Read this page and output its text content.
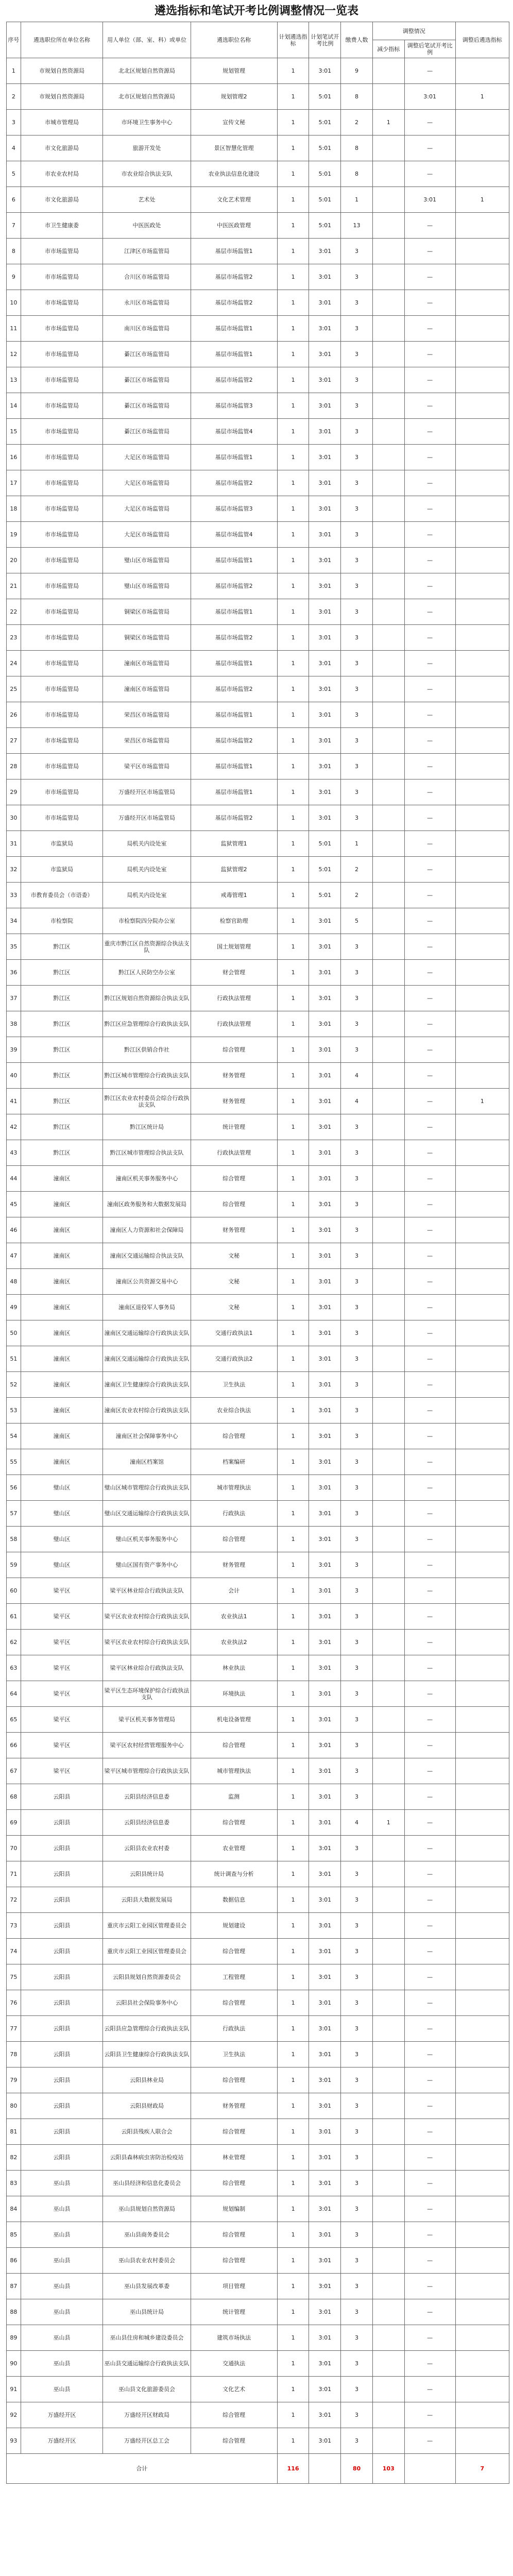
遴选指标和笔试开考比例调整情况一览表
序号	遴选职位所在单位名称	用人单位（部、室、科）或单位	遴选职位名称	计划遴选指标	计划笔试开考比例	缴费人数	调整情况		调整后遴选指标
							减少指标	调整后笔试开考比例	
1	市规划自然资源局	北北区规划自然资源局	规划管理	1	3:01	9		—	
2	市规划自然资源局	北市区规划自然资源局	规划管理2	1	5:01	8		3:01	1
3	市城市管理局	市环境卫生事务中心	宣传文秘	1	5:01	2	1	—	
4	市文化旅游局	旅游开发处	景区智慧化管理	1	5:01	8		—	
5	市农业农村局	市农业综合执法支队	农业执法信息化建设	1	5:01	8		—	
6	市文化旅游局	艺术处	文化艺术管理	1	5:01	1		3:01	1
7	市卫生健康委	中医医政处	中医医政管理	1	5:01	13		—	
8	市市场监管局	江津区市场监管局	基层市场监管1	1	3:01	3		—	
9	市市场监管局	合川区市场监管局	基层市场监管2	1	3:01	3		—	
10	市市场监管局	永川区市场监管局	基层市场监管2	1	3:01	3		—	
11	市市场监管局	南川区市场监管局	基层市场监管1	1	3:01	3		—	
12	市市场监管局	綦江区市场监管局	基层市场监管1	1	3:01	3		—	
13	市市场监管局	綦江区市场监管局	基层市场监管2	1	3:01	3		—	
14	市市场监管局	綦江区市场监管局	基层市场监管3	1	3:01	3		—	
15	市市场监管局	綦江区市场监管局	基层市场监管4	1	3:01	3		—	
16	市市场监管局	大足区市场监管局	基层市场监管1	1	3:01	3		—	
17	市市场监管局	大足区市场监管局	基层市场监管2	1	3:01	3		—	
18	市市场监管局	大足区市场监管局	基层市场监管3	1	3:01	3		—	
19	市市场监管局	大足区市场监管局	基层市场监管4	1	3:01	3		—	
20	市市场监管局	璧山区市场监管局	基层市场监管1	1	3:01	3		—	
21	市市场监管局	璧山区市场监管局	基层市场监管2	1	3:01	3		—	
22	市市场监管局	铜梁区市场监管局	基层市场监管1	1	3:01	3		—	
23	市市场监管局	铜梁区市场监管局	基层市场监管2	1	3:01	3		—	
24	市市场监管局	潼南区市场监管局	基层市场监管1	1	3:01	3		—	
25	市市场监管局	潼南区市场监管局	基层市场监管2	1	3:01	3		—	
26	市市场监管局	荣昌区市场监管局	基层市场监管1	1	3:01	3		—	
27	市市场监管局	荣昌区市场监管局	基层市场监管2	1	3:01	3		—	
28	市市场监管局	梁平区市场监管局	基层市场监管1	1	3:01	3		—	
29	市市场监管局	万盛经开区市场监管局	基层市场监管1	1	3:01	3		—	
30	市市场监管局	万盛经开区市场监管局	基层市场监管2	1	3:01	3		—	
31	市监狱局	局机关内设处室	监狱管理1	1	5:01	1		—	
32	市监狱局	局机关内设处室	监狱管理2	1	5:01	2		—	
33	市教育委员会（市语委）	局机关内设处室	戒毒管理1	1	5:01	2		—	
34	市检察院	市检察院四分院办公室	检察官助理	1	3:01	5		—	
35	黔江区	重庆市黔江区自然资源综合执法支队	国土规划管理	1	3:01	3		—	
36	黔江区	黔江区人民防空办公室	财会管理	1	3:01	3		—	
37	黔江区	黔江区规划自然资源综合执法支队	行政执法管理	1	3:01	3		—	
38	黔江区	黔江区应急管理综合行政执法支队	行政执法管理	1	3:01	3		—	
39	黔江区	黔江区供销合作社	综合管理	1	3:01	3		—	
40	黔江区	黔江区城市管理综合行政执法支队	财务管理	1	3:01	4		—	
41	黔江区	黔江区农业农村委员会综合行政执法支队	财务管理	1	3:01	4		—	1
42	黔江区	黔江区统计局	统计管理	1	3:01	3		—	
43	黔江区	黔江区城市管理综合执法支队	行政执法管理	1	3:01	3		—	
44	潼南区	潼南区机关事务服务中心	综合管理	1	3:01	3		—	
45	潼南区	潼南区政务服务和大数据发展局	综合管理	1	3:01	3		—	
46	潼南区	潼南区人力资源和社会保障局	财务管理	1	3:01	3		—	
47	潼南区	潼南区交通运输综合执法支队	文秘	1	3:01	3		—	
48	潼南区	潼南区公共资源交易中心	文秘	1	3:01	3		—	
49	潼南区	潼南区退役军人事务局	文秘	1	3:01	3		—	
50	潼南区	潼南区交通运输综合行政执法支队	交通行政执法1	1	3:01	3		—	
51	潼南区	潼南区交通运输综合行政执法支队	交通行政执法2	1	3:01	3		—	
52	潼南区	潼南区卫生健康综合行政执法支队	卫生执法	1	3:01	3		—	
53	潼南区	潼南区农业农村综合行政执法支队	农业综合执法	1	3:01	3		—	
54	潼南区	潼南区社会保障事务中心	综合管理	1	3:01	3		—	
55	潼南区	潼南区档案馆	档案编研	1	3:01	3		—	
56	璧山区	璧山区城市管理综合行政执法支队	城市管理执法	1	3:01	3		—	
57	璧山区	璧山区交通运输综合行政执法支队	行政执法	1	3:01	3		—	
58	璧山区	璧山区机关事务服务中心	综合管理	1	3:01	3		—	
59	璧山区	璧山区国有资产事务中心	财务管理	1	3:01	3		—	
60	梁平区	梁平区林业综合行政执法支队	会计	1	3:01	3		—	
61	梁平区	梁平区农业农村综合行政执法支队	农业执法1	1	3:01	3		—	
62	梁平区	梁平区农业农村综合行政执法支队	农业执法2	1	3:01	3		—	
63	梁平区	梁平区林业综合行政执法支队	林业执法	1	3:01	3		—	
64	梁平区	梁平区生态环境保护综合行政执法支队	环境执法	1	3:01	3		—	
65	梁平区	梁平区机关事务管理局	机电设备管理	1	3:01	3		—	
66	梁平区	梁平区农村经营管理服务中心	综合管理	1	3:01	3		—	
67	梁平区	梁平区城市管理综合行政执法支队	城市管理执法	1	3:01	3		—	
68	云阳县	云阳县经济信息委	监测	1	3:01	3		—	
69	云阳县	云阳县经济信息委	综合管理	1	3:01	4	1	—	
70	云阳县	云阳县农业农村委	农业管理	1	3:01	3		—	
71	云阳县	云阳县统计局	统计调查与分析	1	3:01	3		—	
72	云阳县	云阳县大数据发展局	数据信息	1	3:01	3		—	
73	云阳县	重庆市云阳工业园区管理委员会	规划建设	1	3:01	3		—	
74	云阳县	重庆市云阳工业园区管理委员会	综合管理	1	3:01	3		—	
75	云阳县	云阳县规划自然资源委员会	工程管理	1	3:01	3		—	
76	云阳县	云阳县社会保险事务中心	综合管理	1	3:01	3		—	
77	云阳县	云阳县应急管理综合行政执法支队	行政执法	1	3:01	3		—	
78	云阳县	云阳县卫生健康综合行政执法支队	卫生执法	1	3:01	3		—	
79	云阳县	云阳县林业局	综合管理	1	3:01	3		—	
80	云阳县	云阳县财政局	财务管理	1	3:01	3		—	
81	云阳县	云阳县残疾人联合会	综合管理	1	3:01	3		—	
82	云阳县	云阳县森林病虫害防治检疫站	林业管理	1	3:01	3		—	
83	巫山县	巫山县经济和信息化委员会	综合管理	1	3:01	3		—	
84	巫山县	巫山县规划自然资源局	规划编制	1	3:01	3		—	
85	巫山县	巫山县商务委员会	综合管理	1	3:01	3		—	
86	巫山县	巫山县农业农村委员会	综合管理	1	3:01	3		—	
87	巫山县	巫山县发展改革委	项目管理	1	3:01	3		—	
88	巫山县	巫山县统计局	统计管理	1	3:01	3		—	
89	巫山县	巫山县住房和城乡建设委员会	建筑市场执法	1	3:01	3		—	
90	巫山县	巫山县交通运输综合行政执法支队	交通执法	1	3:01	3		—	
91	巫山县	巫山县文化旅游委员会	文化艺术	1	3:01	3		—	
92	万盛经开区	万盛经开区财政局	综合管理	1	3:01	3		—	
93	万盛经开区	万盛经开区总工会	综合管理	1	3:01	3		—	
合计				116		80	103		7
